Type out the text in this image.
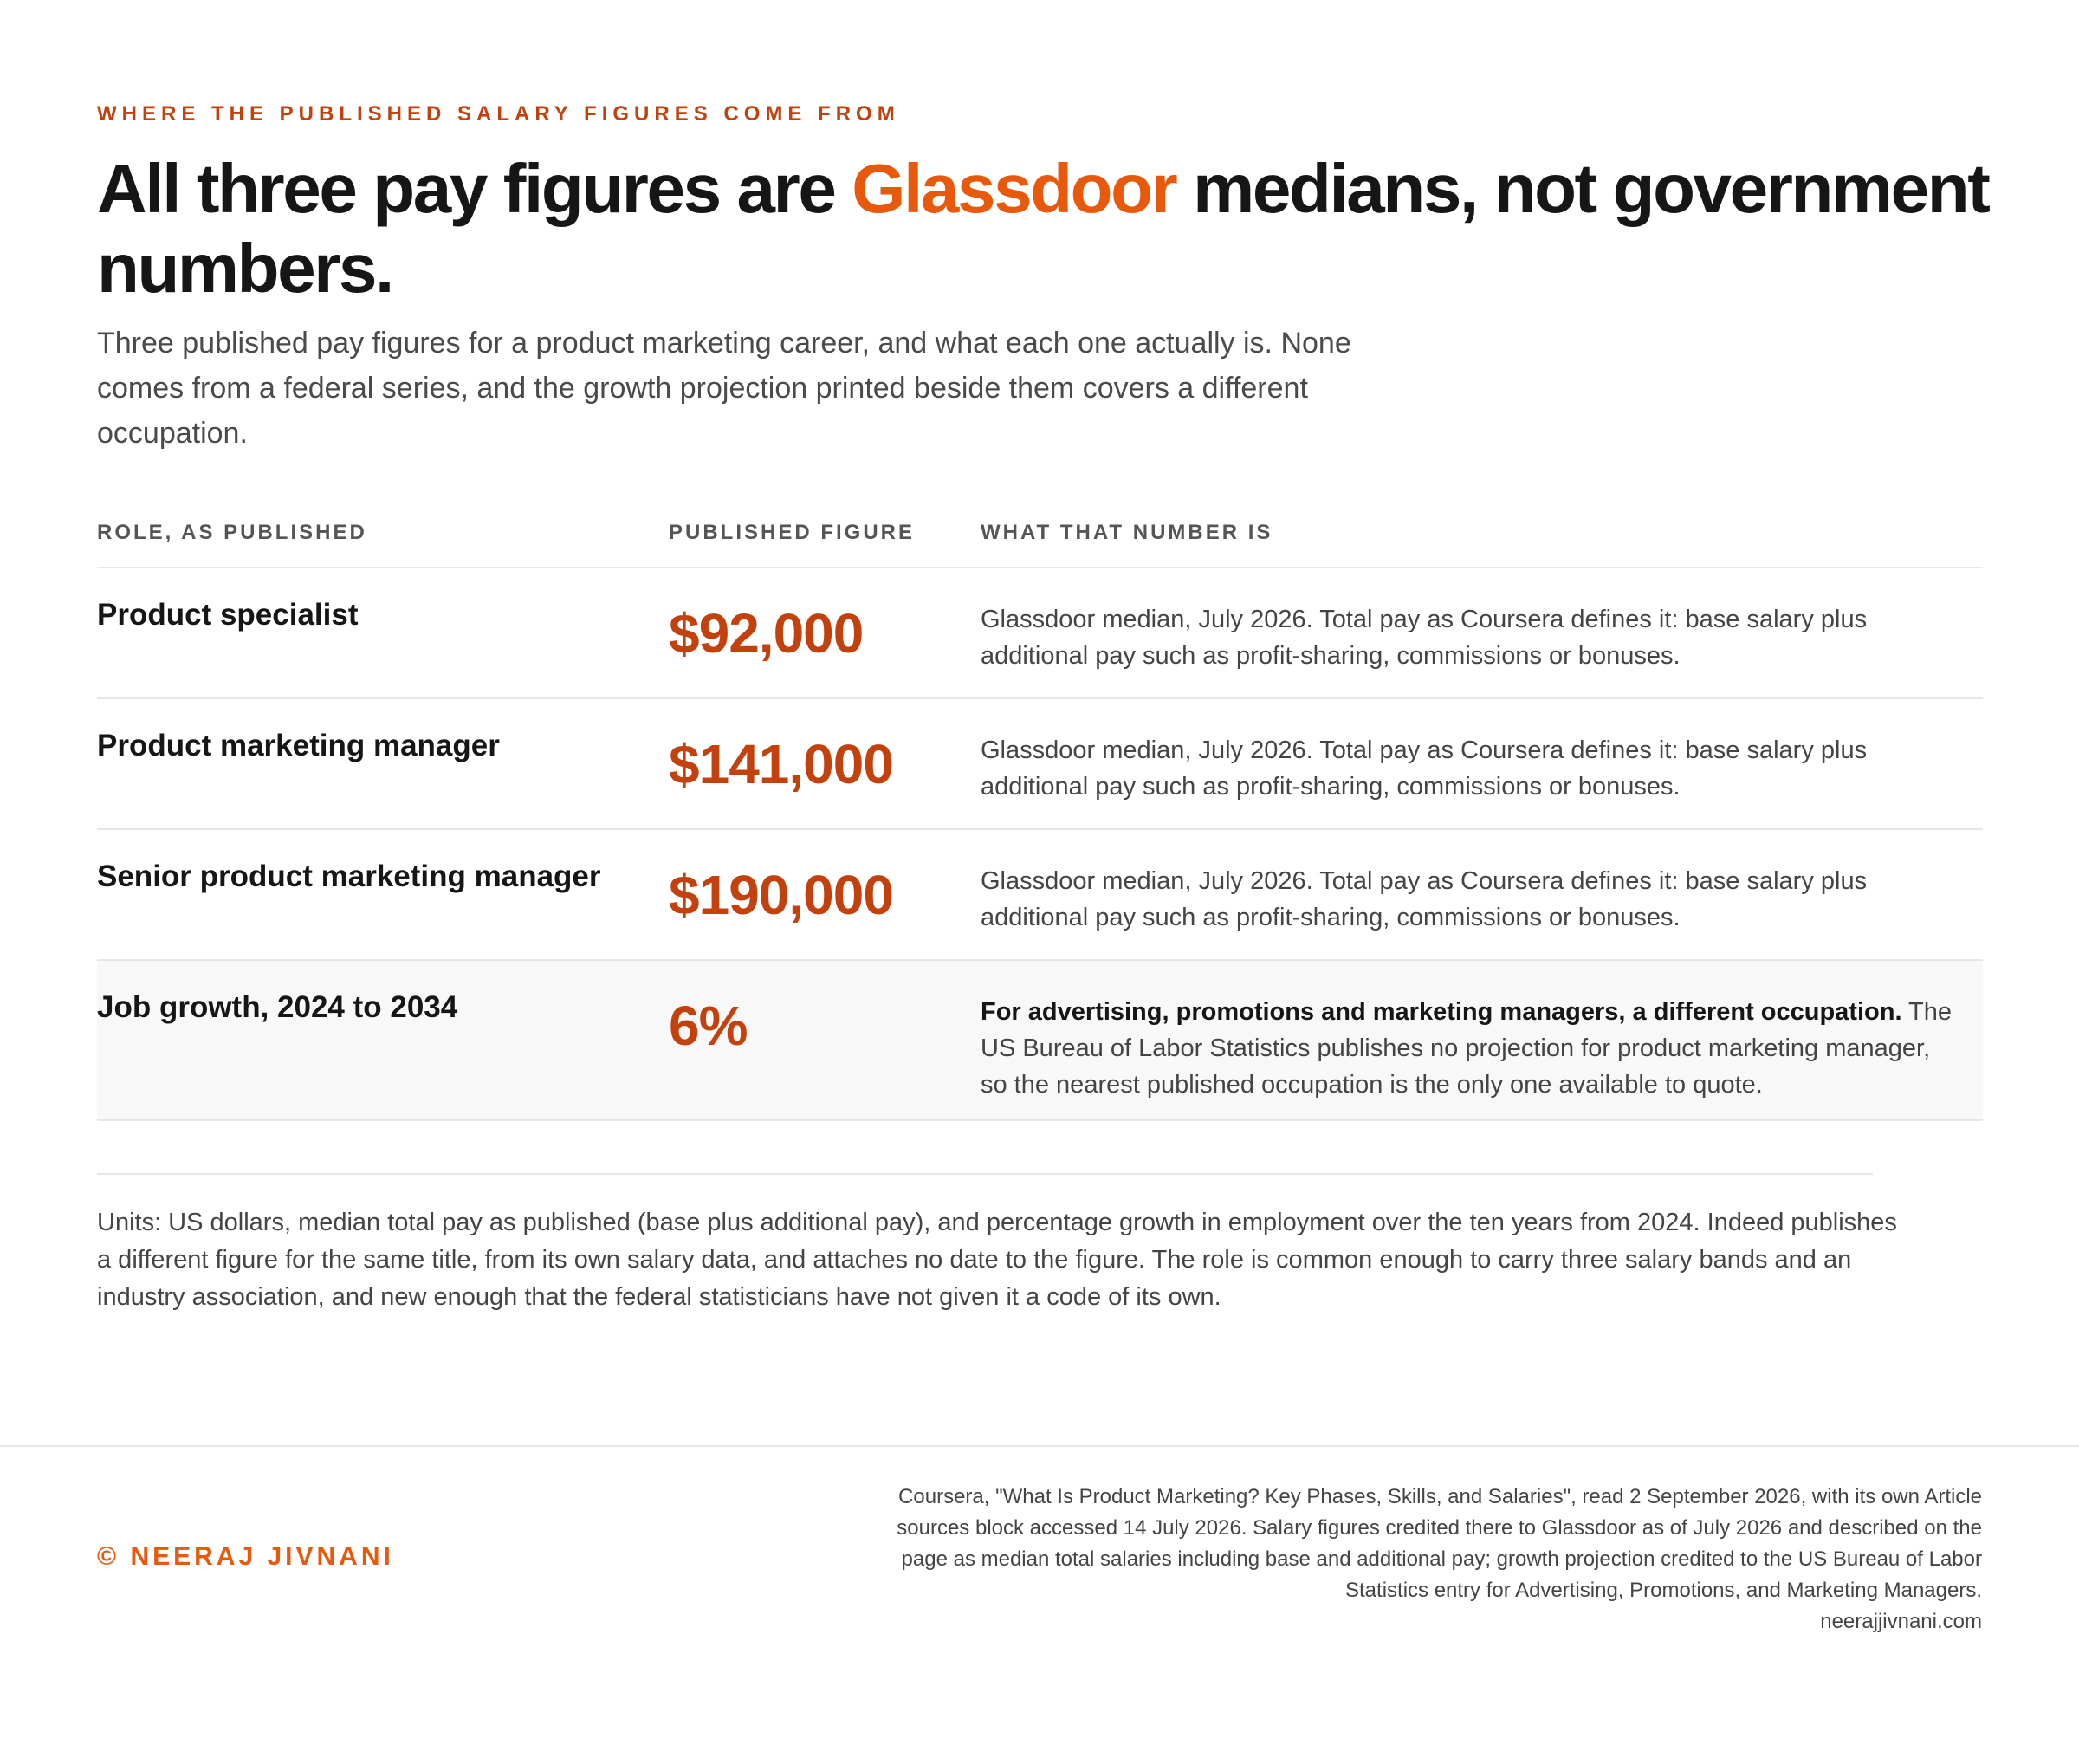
WHERE THE PUBLISHED SALARY FIGURES COME FROM
All three pay figures are Glassdoor medians, not government numbers.

Three published pay figures for a product marketing career, and what each one actually is. None comes from a federal series, and the growth projection printed beside them covers a different occupation.

ROLE, AS PUBLISHED	PUBLISHED FIGURE	WHAT THAT NUMBER IS
Product specialist	$92,000	Glassdoor median, July 2026. Total pay as Coursera defines it: base salary plus additional pay such as profit-sharing, commissions or bonuses.

Product marketing manager	$141,000	Glassdoor median, July 2026. Total pay as Coursera defines it: base salary plus additional pay such as profit-sharing, commissions or bonuses.

Senior product marketing manager $190,000	Glassdoor median, July 2026. Total pay as Coursera defines it: base salary plus additional pay such as profit-sharing, commissions or bonuses.

Job growth, 2024 to 2034	6%	For advertising, promotions and marketing managers, a different occupation. The US Bureau of Labor Statistics publishes no projection for product marketing manager, so the nearest published occupation is the only one available to quote.

Units: US dollars, median total pay as published (base plus additional pay), and percentage growth in employment over the ten years from 2024. Indeed publishes a different figure for the same title, from its own salary data, and attaches no date to the figure. The role is common enough to carry three salary bands and an industry association, and new enough that the federal statisticians have not given it a code of its own.

© NEERAJ JIVNANI

Coursera, "What Is Product Marketing? Key Phases, Skills, and Salaries", read 2 September 2026, with its own Article
sources block accessed 14 July 2026. Salary figures credited there to Glassdoor as of July 2026 and described on the
page as median total salaries including base and additional pay; growth projection credited to the US Bureau of Labor
Statistics entry for Advertising, Promotions, and Marketing Managers.
neerajjivnani.com
